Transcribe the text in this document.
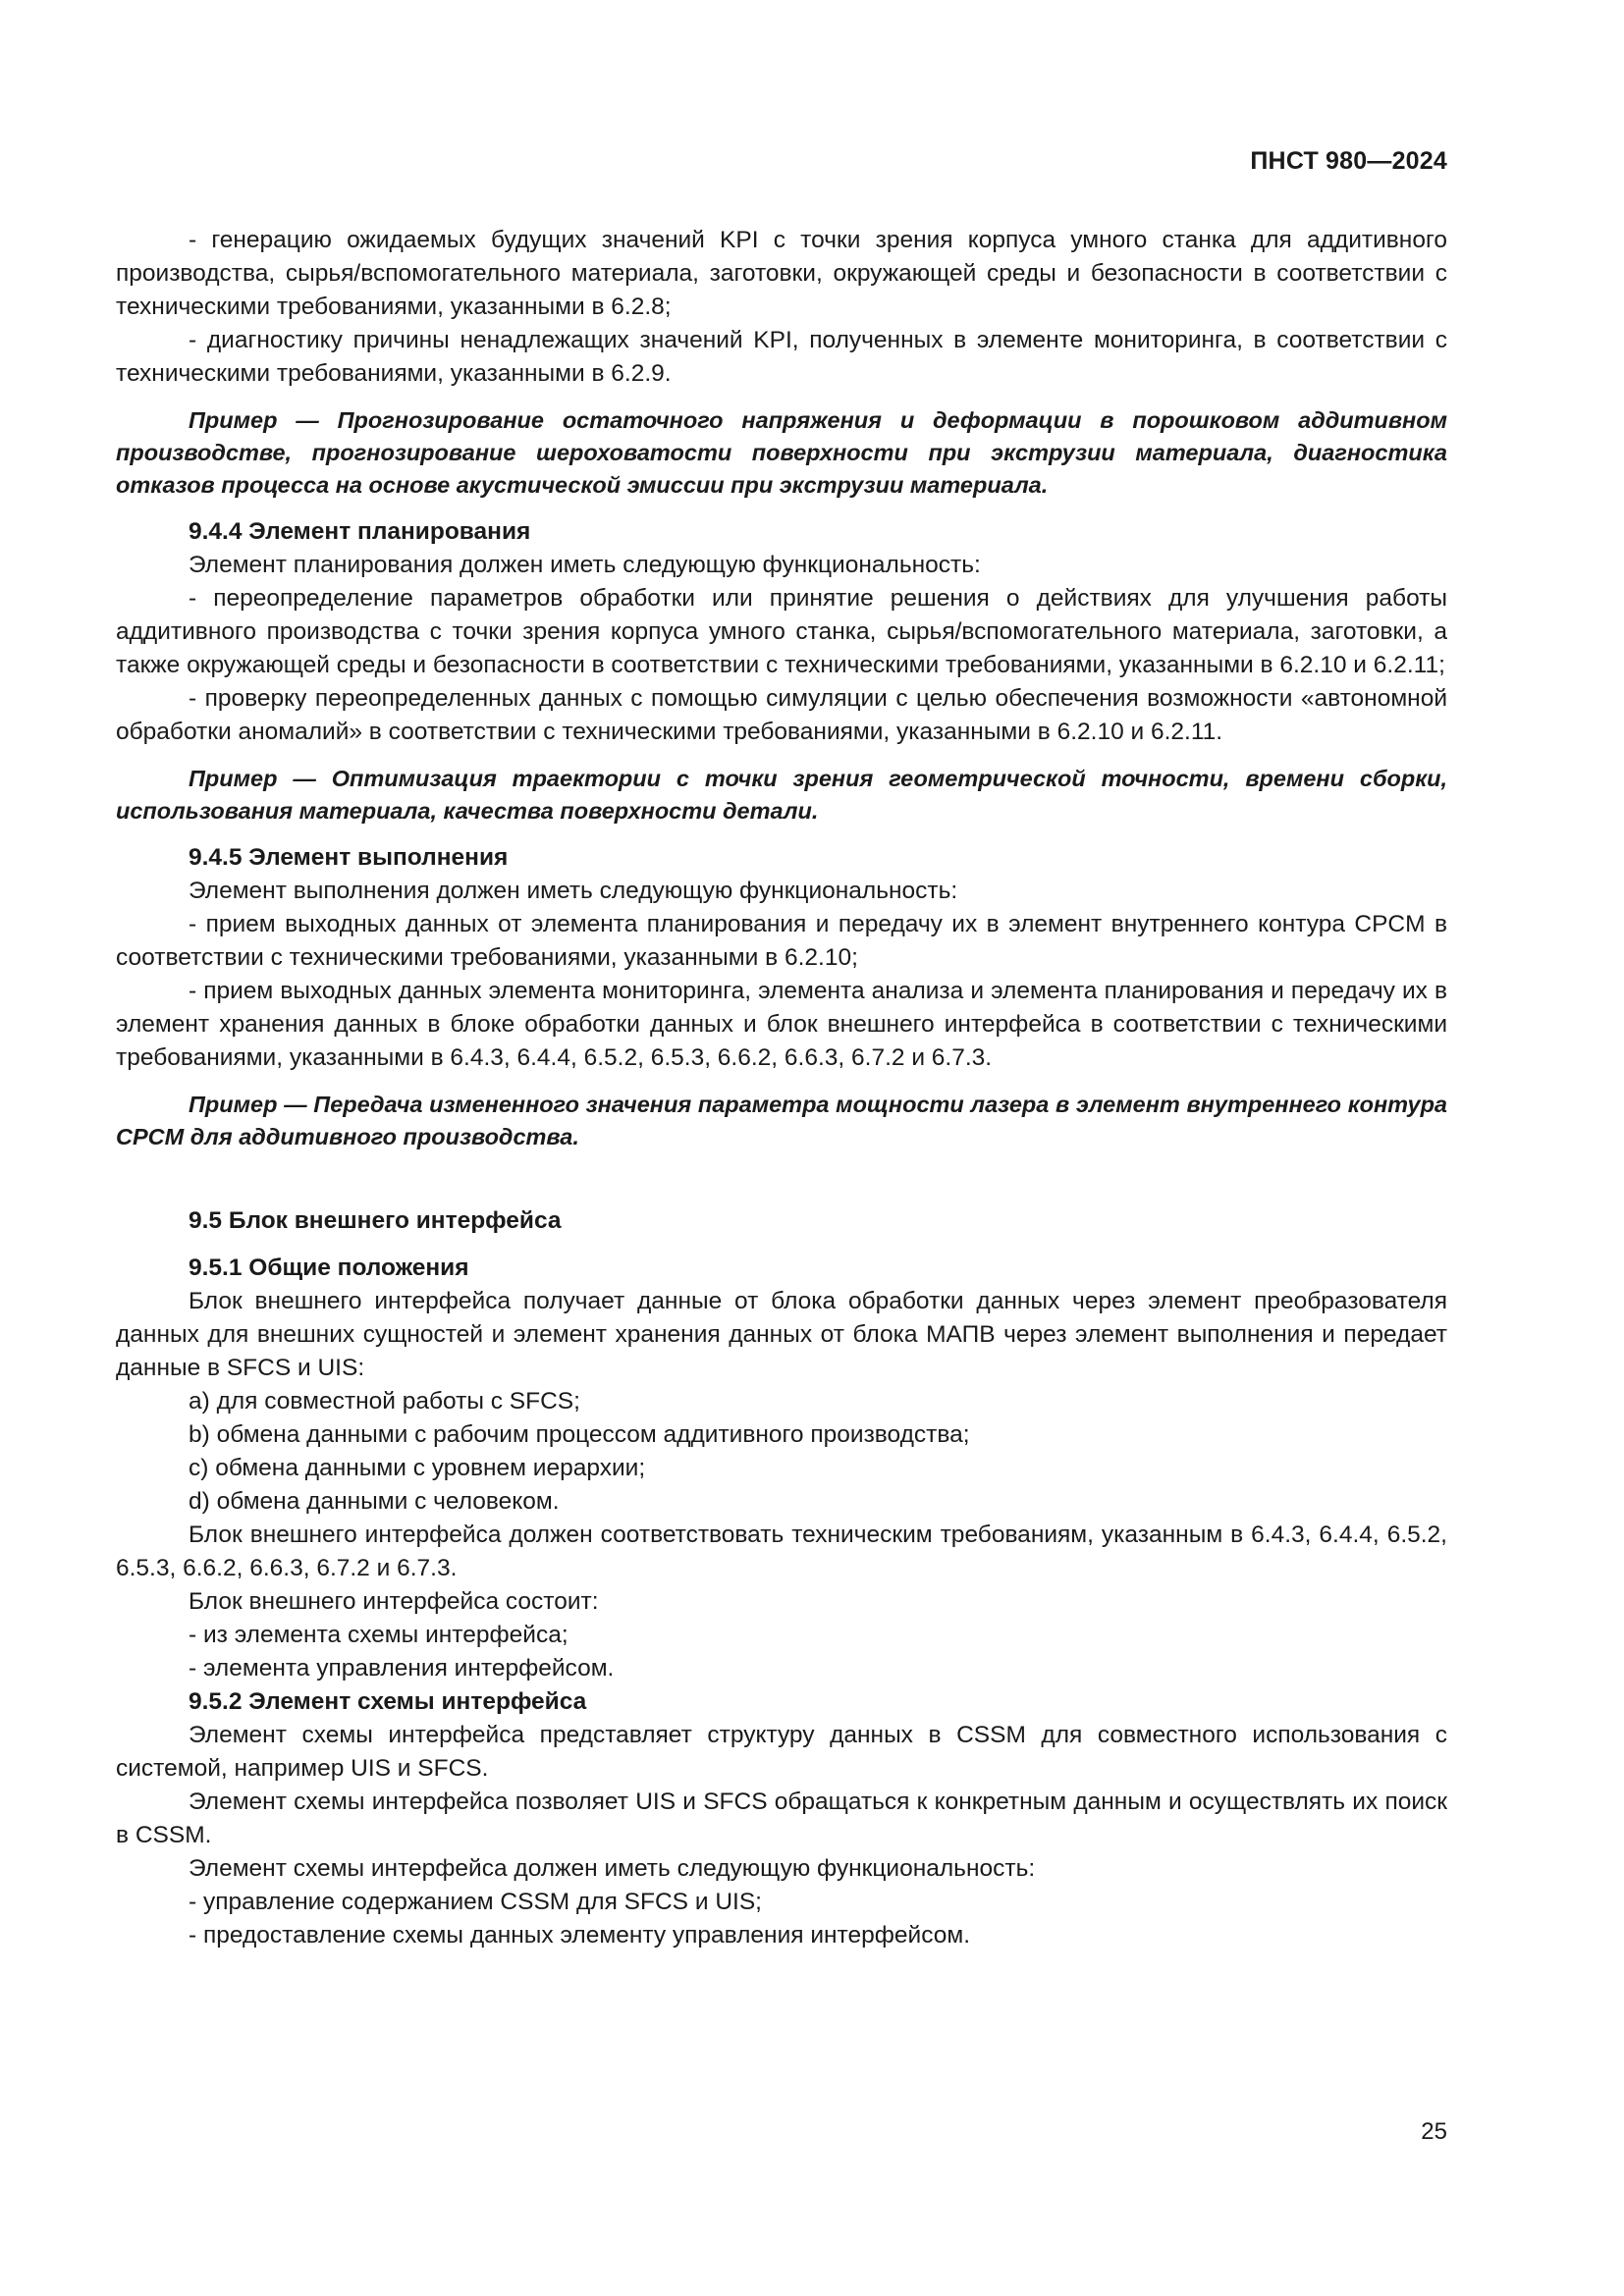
ПНСТ 980—2024

- генерацию ожидаемых будущих значений KPI с точки зрения корпуса умного станка для аддитивного производства, сырья/вспомогательного материала, заготовки, окружающей среды и безопасности в соответствии с техническими требованиями, указанными в 6.2.8;

- диагностику причины ненадлежащих значений KPI, полученных в элементе мониторинга, в соответствии с техническими требованиями, указанными в 6.2.9.

Пример — Прогнозирование остаточного напряжения и деформации в порошковом аддитивном производстве, прогнозирование шероховатости поверхности при экструзии материала, диагностика отказов процесса на основе акустической эмиссии при экструзии материала.

9.4.4 Элемент планирования

Элемент планирования должен иметь следующую функциональность:

- переопределение параметров обработки или принятие решения о действиях для улучшения работы аддитивного производства с точки зрения корпуса умного станка, сырья/вспомогательного материала, заготовки, а также окружающей среды и безопасности в соответствии с техническими требованиями, указанными в 6.2.10 и 6.2.11;

- проверку переопределенных данных с помощью симуляции с целью обеспечения возможности «автономной обработки аномалий» в соответствии с техническими требованиями, указанными в 6.2.10 и 6.2.11.

Пример — Оптимизация траектории с точки зрения геометрической точности, времени сборки, использования материала, качества поверхности детали.

9.4.5 Элемент выполнения

Элемент выполнения должен иметь следующую функциональность:

- прием выходных данных от элемента планирования и передачу их в элемент внутреннего контура CPCM в соответствии с техническими требованиями, указанными в 6.2.10;

- прием выходных данных элемента мониторинга, элемента анализа и элемента планирования и передачу их в элемент хранения данных в блоке обработки данных и блок внешнего интерфейса в соответствии с техническими требованиями, указанными в 6.4.3, 6.4.4, 6.5.2, 6.5.3, 6.6.2, 6.6.3, 6.7.2 и 6.7.3.

Пример — Передача измененного значения параметра мощности лазера в элемент внутреннего контура CPCM для аддитивного производства.

9.5 Блок внешнего интерфейса

9.5.1 Общие положения

Блок внешнего интерфейса получает данные от блока обработки данных через элемент преобразователя данных для внешних сущностей и элемент хранения данных от блока МАПВ через элемент выполнения и передает данные в SFCS и UIS:

a) для совместной работы с SFCS;

b) обмена данными с рабочим процессом аддитивного производства;

c) обмена данными с уровнем иерархии;

d) обмена данными с человеком.

Блок внешнего интерфейса должен соответствовать техническим требованиям, указанным в 6.4.3, 6.4.4, 6.5.2, 6.5.3, 6.6.2, 6.6.3, 6.7.2 и 6.7.3.

Блок внешнего интерфейса состоит:

- из элемента схемы интерфейса;

- элемента управления интерфейсом.

9.5.2 Элемент схемы интерфейса

Элемент схемы интерфейса представляет структуру данных в CSSM для совместного использования с системой, например UIS и SFCS.

Элемент схемы интерфейса позволяет UIS и SFCS обращаться к конкретным данным и осуществлять их поиск в CSSM.

Элемент схемы интерфейса должен иметь следующую функциональность:

- управление содержанием CSSM для SFCS и UIS;

- предоставление схемы данных элементу управления интерфейсом.

25
